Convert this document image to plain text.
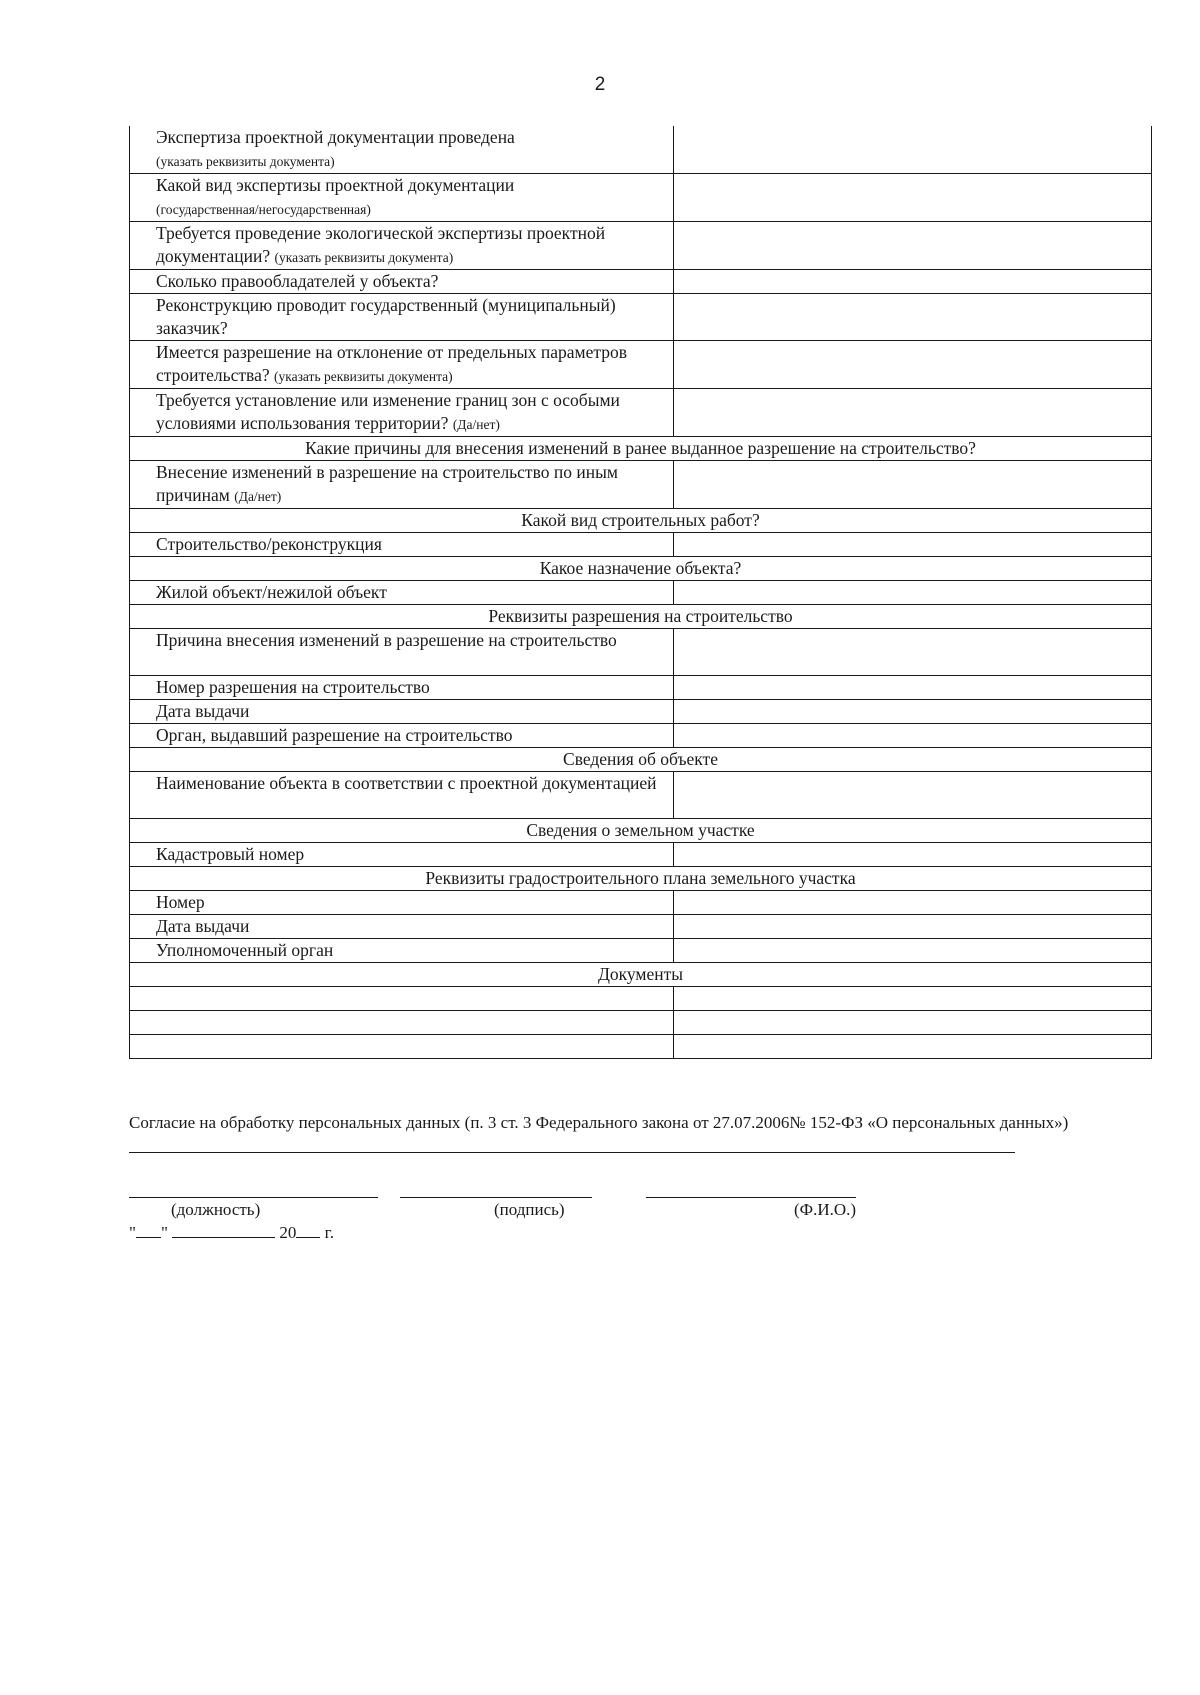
2
Экспертиза проектной документации проведена
(указать реквизиты документа)	
Какой вид экспертизы проектной документации
(государственная/негосударственная)	
Требуется проведение экологической экспертизы проектной документации? (указать реквизиты документа)	
Сколько правообладателей у объекта?	
Реконструкцию проводит государственный (муниципальный) заказчик?	
Имеется разрешение на отклонение от предельных параметров строительства? (указать реквизиты документа)	
Требуется установление или изменение границ зон с особыми условиями использования территории? (Да/нет)	
Какие причины для внесения изменений в ранее выданное разрешение на строительство?	
Внесение изменений в разрешение на строительство по иным причинам (Да/нет)	
Какой вид строительных работ?	
Строительство/реконструкция	
Какое назначение объекта?	
Жилой объект/нежилой объект	
Реквизиты разрешения на строительство	
Причина внесения изменений в разрешение на строительство	
Номер разрешения на строительство	
Дата выдачи	
Орган, выдавший разрешение на строительство	
Сведения об объекте	
Наименование объекта в соответствии с проектной документацией	
Сведения о земельном участке	
Кадастровый номер	
Реквизиты градостроительного плана земельного участка	
Номер	
Дата выдачи	
Уполномоченный орган	
Документы	

Согласие на обработку персональных данных (п. 3 ст. 3 Федерального закона от 27.07.2006№ 152-ФЗ «О персональных данных»)
(должность)	(подпись)	(Ф.И.О.)
" "	20 г.
